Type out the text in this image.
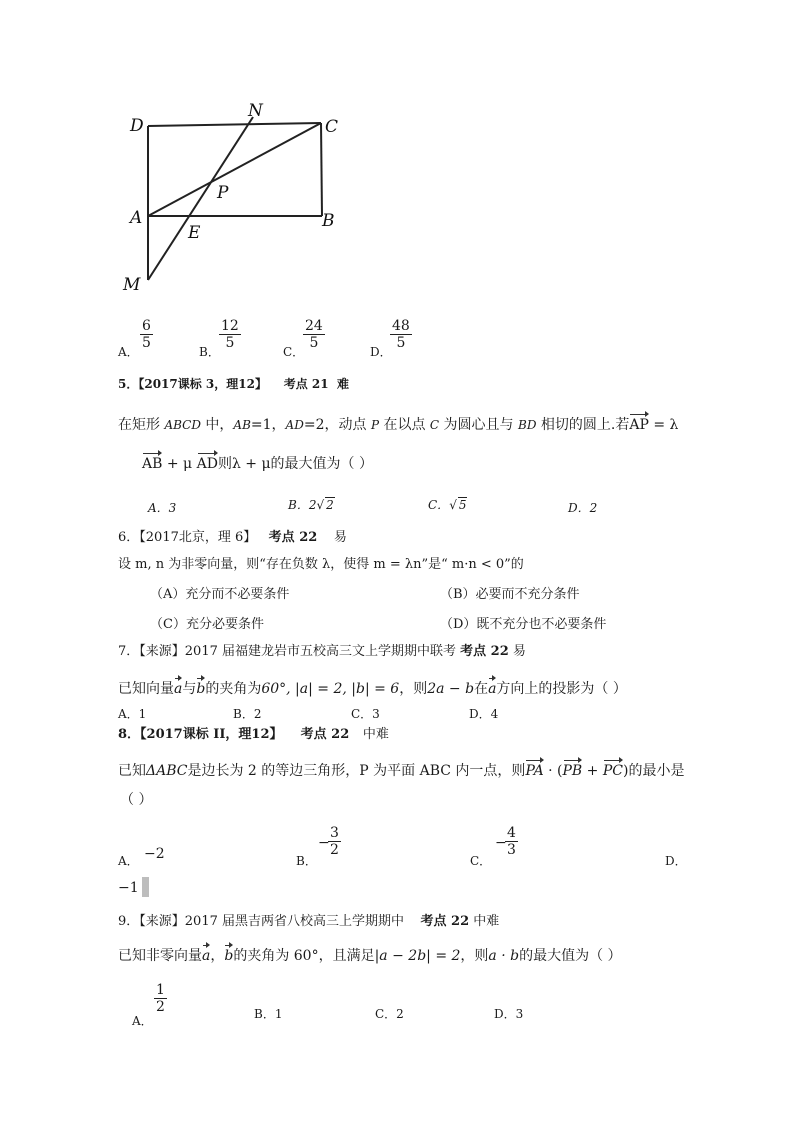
D
N
C
P
A	B
E
M
A．
6
5
B．
12
5
C．
24
5
D．
48
5
5．【2017课标 3，理12】 考点 21 难
在矩形 ABCD 中，AB=1，AD=2，动点 P 在以点 C 为圆心且与 BD 相切的圆上.若AP = λ
AB + μ AD则λ + μ的最大值为（ ）
A．3	B．2√ 2	C．√ 5	D．2
6．【2017北京，理 6】 考点 22 易
设 m, n 为非零向量，则“存在负数 λ，使得 m = λn”是“ m·n < 0”的
（A）充分而不必要条件	（B）必要而不充分条件
（C）充分必要条件	（D）既不充分也不必要条件
7．【来源】2017 届福建龙岩市五校高三文上学期期中联考 考点 22 易
已知向量a与b的夹角为60°, |a| = 2, |b| = 6，则2a − b在a方向上的投影为（ ）
A．1	B．2	C．3	D．4
8．【2017课标 II，理12】 考点 22 中难
已知ΔABC是边长为 2 的等边三角形，P 为平面 ABC 内一点，则PA · (PB + PC)的最小是
（ ）
A． −2	B．
−
3
2
C．
−
4
3
D．
−1
9．【来源】2017 届黑吉两省八校高三上学期期中 考点 22 中难
已知非零向量a，b的夹角为 60°，且满足|a − 2b| = 2，则a · b的最大值为（ ）
A．
1
2	B．1	C．2	D．3
